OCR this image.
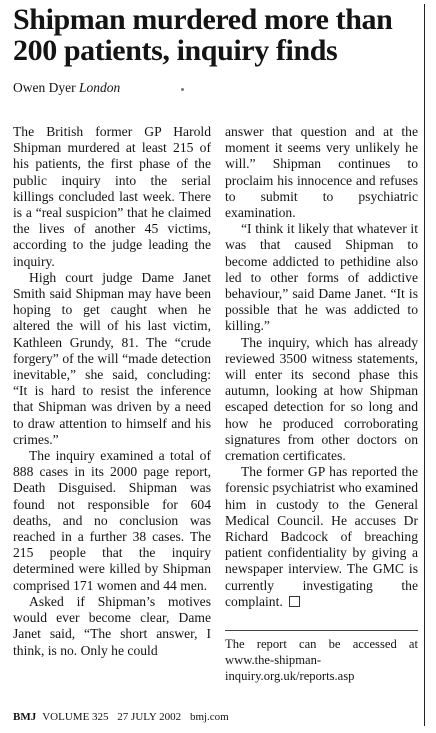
Shipman murdered more than 200 patients, inquiry finds
Owen Dyer London

The British former GP Harold Shipman murdered at least 215 of his patients, the first phase of the public inquiry into the serial killings concluded last week. There is a “real suspicion” that he claimed the lives of another 45 victims, according to the judge leading the inquiry.

High court judge Dame Janet Smith said Shipman may have been hoping to get caught when he altered the will of his last victim, Kathleen Grundy, 81. The “crude forgery” of the will “made detection inevitable,” she said, concluding: “It is hard to resist the inference that Shipman was driven by a need to draw attention to himself and his crimes.”

The inquiry examined a total of 888 cases in its 2000 page report, Death Disguised. Shipman was found not responsible for 604 deaths, and no conclusion was reached in a further 38 cases. The 215 people that the inquiry determined were killed by Shipman comprised 171 women and 44 men.

Asked if Shipman’s motives would ever become clear, Dame Janet said, “The short answer, I think, is no. Only he could

answer that question and at the moment it seems very unlikely he will.” Shipman continues to proclaim his innocence and refuses to submit to psychiatric examination.

“I think it likely that whatever it was that caused Shipman to become addicted to pethidine also led to other forms of addictive behaviour,” said Dame Janet. “It is possible that he was addicted to killing.”

The inquiry, which has already reviewed 3500 witness statements, will enter its second phase this autumn, looking at how Shipman escaped detection for so long and how he produced corroborating signatures from other doctors on cremation certificates.

The former GP has reported the forensic psychiatrist who examined him in custody to the General Medical Council. He accuses Dr Richard Badcock of breaching patient confidentiality by giving a newspaper interview. The GMC is currently investigating the complaint.

The report can be accessed at www.the-shipman-inquiry.org.uk/reports.asp
BMJ VOLUME 325 27 JULY 2002 bmj.com
